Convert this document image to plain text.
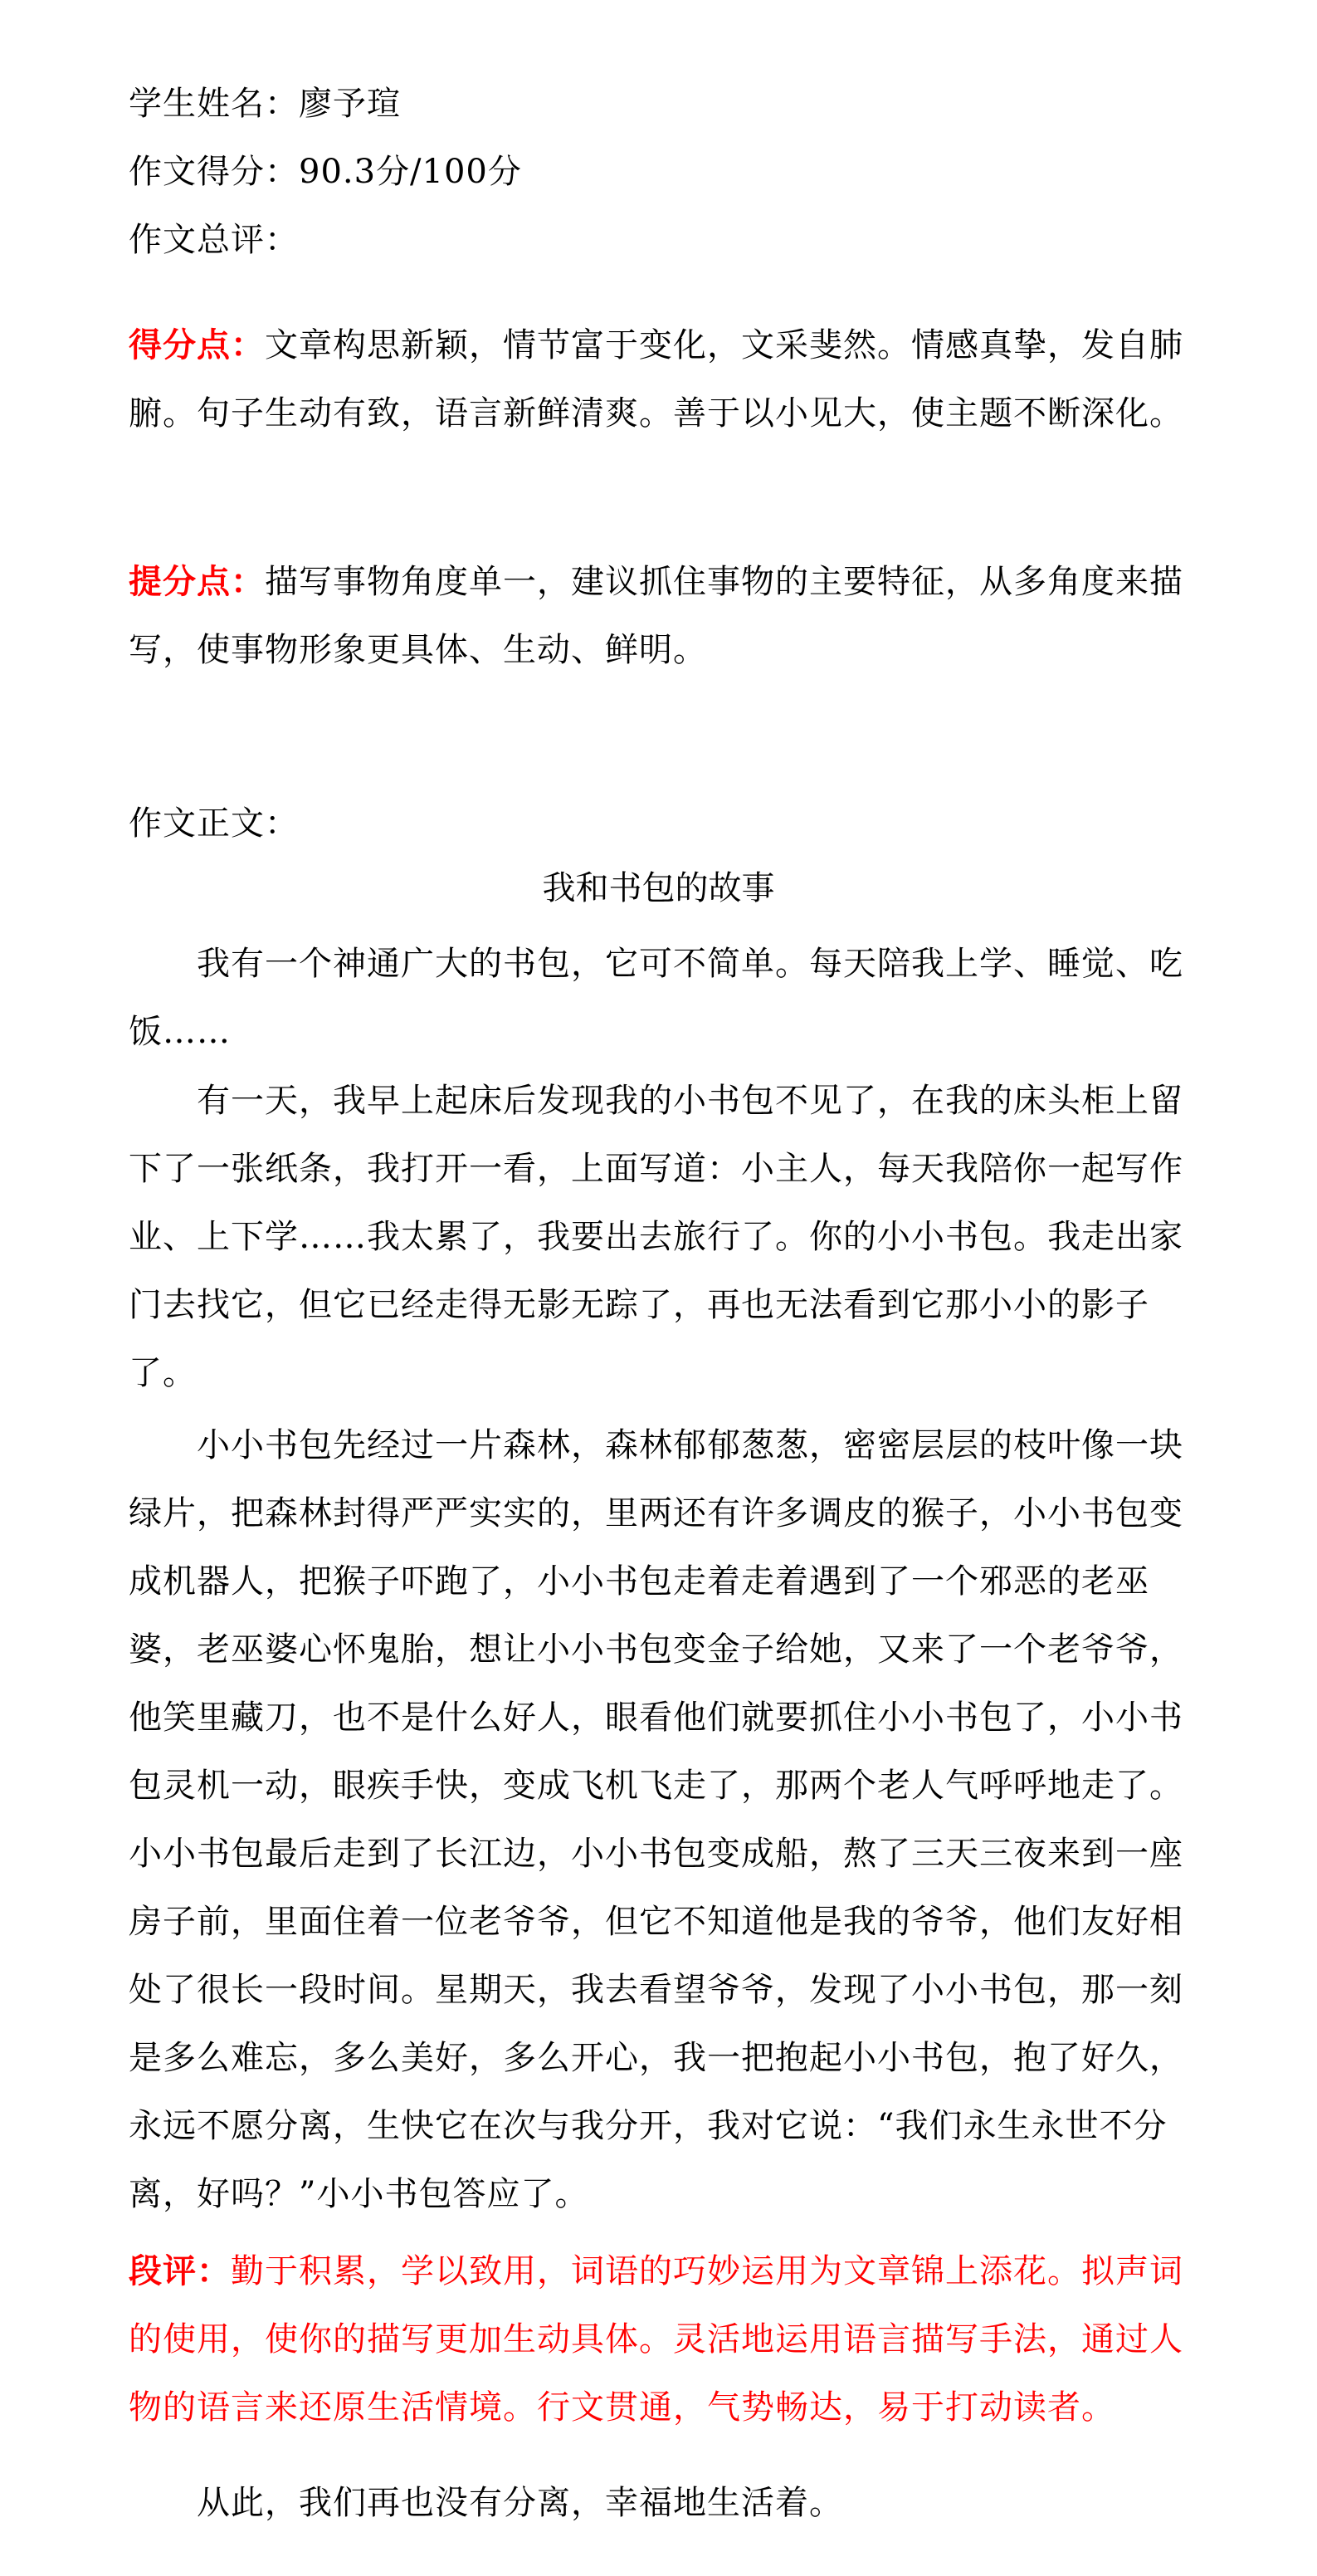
学生姓名：廖予瑄
作文得分：90.3分/100分
作文总评：
得分点：文章构思新颖，情节富于变化，文采斐然。情感真挚，发自肺腑。句子生动有致，语言新鲜清爽。善于以小见大，使主题不断深化。
提分点：描写事物角度单一，建议抓住事物的主要特征，从多角度来描写，使事物形象更具体、生动、鲜明。
作文正文：
我和书包的故事
我有一个神通广大的书包，它可不简单。每天陪我上学、睡觉、吃饭……
有一天，我早上起床后发现我的小书包不见了，在我的床头柜上留下了一张纸条，我打开一看，上面写道：小主人，每天我陪你一起写作业、上下学……我太累了，我要出去旅行了。你的小小书包。我走出家门去找它，但它已经走得无影无踪了，再也无法看到它那小小的影子了。
小小书包先经过一片森林，森林郁郁葱葱，密密层层的枝叶像一块绿片，把森林封得严严实实的，里两还有许多调皮的猴子，小小书包变成机器人，把猴子吓跑了，小小书包走着走着遇到了一个邪恶的老巫婆，老巫婆心怀鬼胎，想让小小书包变金子给她，又来了一个老爷爷，他笑里藏刀，也不是什么好人，眼看他们就要抓住小小书包了，小小书包灵机一动，眼疾手快，变成飞机飞走了，那两个老人气呼呼地走了。小小书包最后走到了长江边，小小书包变成船，熬了三天三夜来到一座房子前，里面住着一位老爷爷，但它不知道他是我的爷爷，他们友好相处了很长一段时间。星期天，我去看望爷爷，发现了小小书包，那一刻是多么难忘，多么美好，多么开心，我一把抱起小小书包，抱了好久，永远不愿分离，生快它在次与我分开，我对它说：“我们永生永世不分离，好吗？”小小书包答应了。
段评：勤于积累，学以致用，词语的巧妙运用为文章锦上添花。拟声词的使用，使你的描写更加生动具体。灵活地运用语言描写手法，通过人物的语言来还原生活情境。行文贯通，气势畅达，易于打动读者。
从此，我们再也没有分离，幸福地生活着。
